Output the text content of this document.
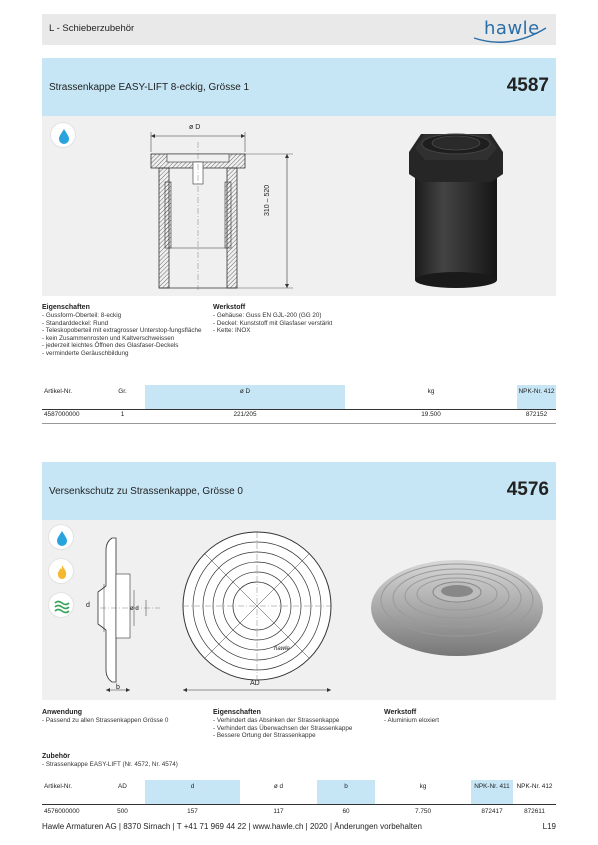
L - Schieberzubehör	hawle
Strassenkappe EASY-LIFT 8-eckig, Grösse 1	4587
ø D
310 – 520
Eigenschaften
- Gussform-Oberteil: 8-eckig
- Standarddeckel: Rund
- Teleskopoberteil mit extragrosser Unterstop-fungsfläche
- kein Zusammenrosten und Kaltverschweissen
- jederzeit leichtes Öffnen des Glasfaser-Deckels
- verminderte Geräuschbildung
Werkstoff
- Gehäuse: Guss EN GJL-200 (GG 20)
- Deckel: Kunststoff mit Glasfaser verstärkt
- Kette: INOX
Artikel-Nr.	Gr.	ø D	kg	NPK-Nr. 412
4587000000	1	221/205	19.500	872152
Versenkschutz zu Strassenkappe, Grösse 0	4576
d	ø d
b
hawle
AD
Anwendung
- Passend zu allen Strassenkappen Grösse 0
Eigenschaften
- Verhindert das Absinken der Strassenkappe
- Verhindert das Überwachsen der Strassenkappe
- Bessere Ortung der Strassenkappe
Werkstoff
- Aluminium eloxiert
Zubehör
- Strassenkappe EASY-LIFT (Nr. 4572, Nr. 4574)
Artikel-Nr.	AD	d	ø d	b	kg	NPK-Nr. 411	NPK-Nr. 412
4576000000	500	157	117	60	7.750	872417	872611
Hawle Armaturen AG | 8370 Sirnach | T +41 71 969 44 22 | www.hawle.ch | 2020 | Änderungen vorbehalten	L19
